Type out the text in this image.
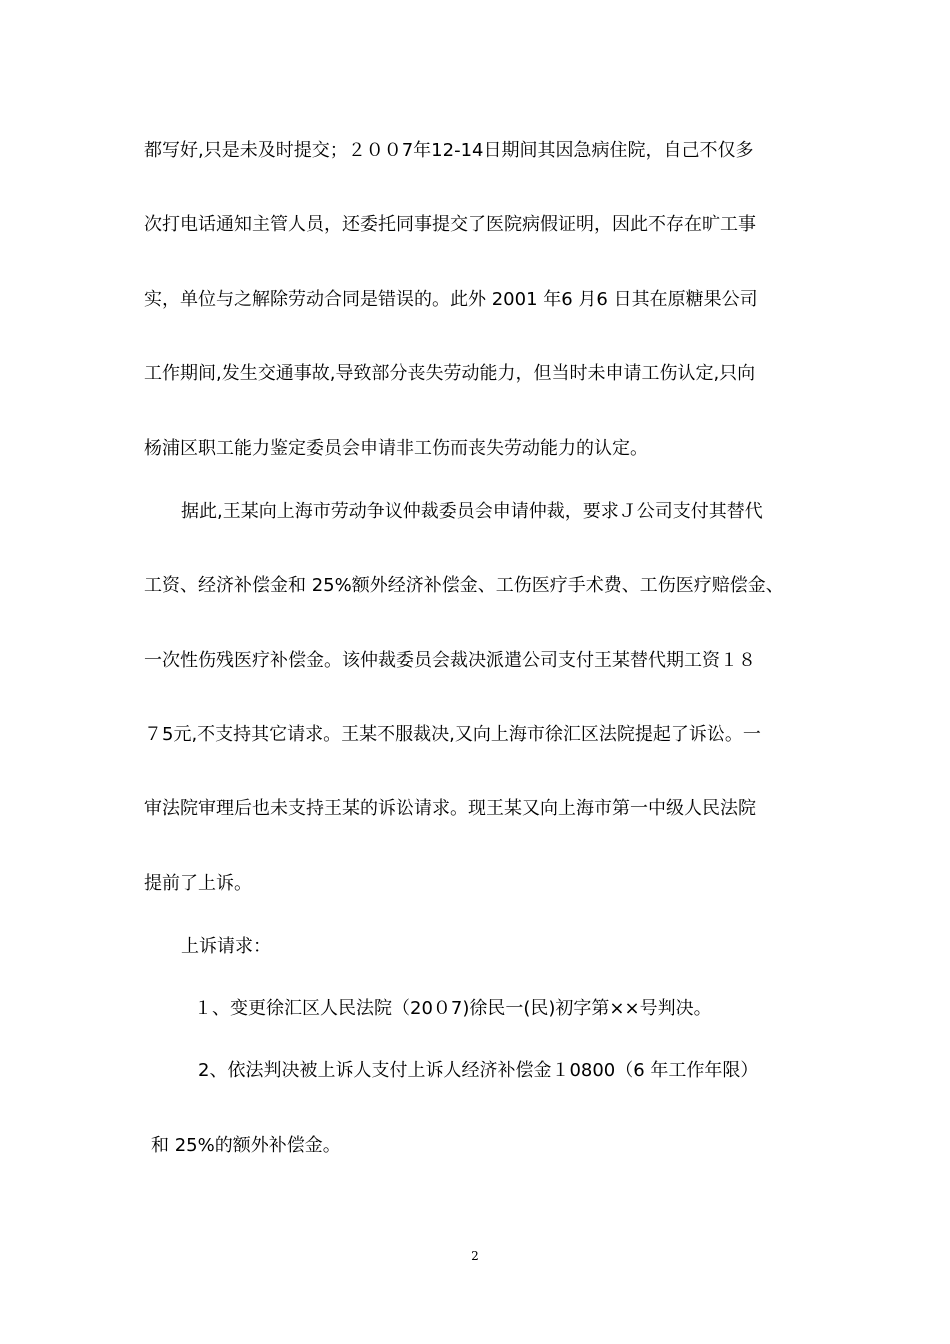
都写好,只是未及时提交；２００7年12-14日期间其因急病住院，自己不仅多
次打电话通知主管人员，还委托同事提交了医院病假证明，因此不存在旷工事
实，单位与之解除劳动合同是错误的。此外 2001 年6 月6 日其在原糖果公司
工作期间,发生交通事故,导致部分丧失劳动能力，但当时未申请工伤认定,只向
杨浦区职工能力鉴定委员会申请非工伤而丧失劳动能力的认定。
据此,王某向上海市劳动争议仲裁委员会申请仲裁，要求Ｊ公司支付其替代
工资、经济补偿金和 25%额外经济补偿金、工伤医疗手术费、工伤医疗赔偿金、
一次性伤残医疗补偿金。该仲裁委员会裁决派遣公司支付王某替代期工资１８
７5元,不支持其它请求。王某不服裁决,又向上海市徐汇区法院提起了诉讼。一
审法院审理后也未支持王某的诉讼请求。现王某又向上海市第一中级人民法院
提前了上诉。
上诉请求：
１、变更徐汇区人民法院（20０7)徐民一(民)初字第××号判决。
2、依法判决被上诉人支付上诉人经济补偿金１0800（6 年工作年限）
和 25%的额外补偿金。
2
